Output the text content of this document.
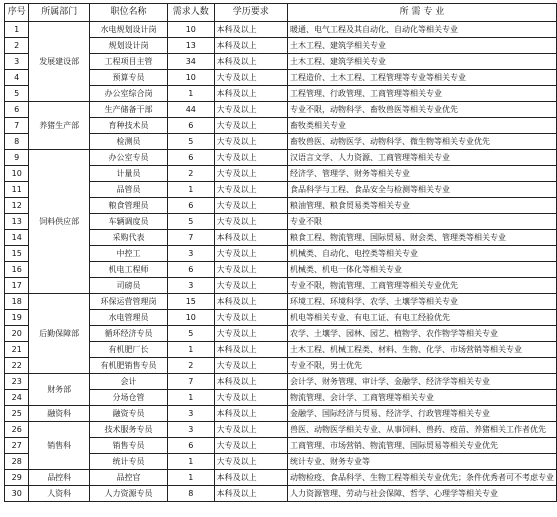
序号	所属部门	职位名称	需求人数	学历要求	所 需 专 业
1	发展建设部	水电规划设计岗	10	本科及以上	暖通、电气工程及其自动化、自动化等相关专业
2		规划设计岗	13	本科及以上	土木工程、建筑学相关专业
3		工程项目主管	34	本科及以上	土木工程、建筑学相关专业
4		预算专员	10	大专及以上	工程造价、土木工程、工程管理等专业等相关专业
5		办公室综合岗	1	本科及以上	工程管理、行政管理、工商管理等相关专业
6	养猪生产部	生产储备干部	44	大专及以上	专业不限，动物科学、畜牧兽医等相关专业优先
7		育种技术员	6	大专及以上	畜牧类相关专业
8		检测员	5	大专及以上	畜牧兽医、动物医学、动物科学、微生物等相关专业优先
9	饲料供应部	办公室专员	6	大专及以上	汉语言文学、人力资源、工商管理等相关专业
10		计量员	2	大专及以上	经济学、管理学、财务等相关专业
11		品管员	1	大专及以上	食品科学与工程、食品安全与检测等相关专业
12		粮食管理员	6	大专及以上	粮油管理、粮食贸易类等相关专业
13		车辆调度员	5	大专及以上	专业不限
14		采购代表	7	本科及以上	粮食工程、物流管理、国际贸易、财会类、管理类等相关专业
15		中控工	3	大专及以上	机械类、自动化、电控类等相关专业
16		机电工程师	6	大专及以上	机械类、机电一体化等相关专业
17		司磅员	3	大专及以上	专业不限，物流管理、工商管理等相关专业优先
18	后勤保障部	环保运营管理岗	15	本科及以上	环境工程、环境科学、农学、土壤学等相关专业
19		水电管理员	10	大专及以上	机电等相关专业、有电工证、有电工经验优先
20		循环经济专员	5	大专及以上	农学、土壤学、园林、园艺、植物学、农作物学等相关专业
21		有机肥厂长	1	本科及以上	土木工程、机械工程类、材料、生物、化学、市场营销等相关专业
22		有机肥销售专员	2	大专及以上	专业不限，男士优先
23	财务部	会计	7	本科及以上	会计学、财务管理、审计学、金融学、经济学等相关专业
24		分场仓管	1	大专及以上	物流管理、会计学、工商管理等相关专业
25	融资科	融资专员	3	本科及以上	金融学、国际经济与贸易、经济学、行政管理等相关专业
26	销售科	技术服务专员	3	大专及以上	兽医、动物医学相关专业、从事饲料、兽药、疫苗、养猪相关工作者优先
27		销售专员	6	大专及以上	工商管理、市场营销、物流管理、国际贸易等相关专业优先
28		统计专员	1	大专及以上	统计专业、财务专业等
29	品控科	品控官	1	本科及以上	动物检疫、食品科学、生物工程等相关专业优先；条件优秀者可不考虑专业
30	人资科	人力资源专员	8	本科及以上	人力资源管理、劳动与社会保障、哲学、心理学等相关专业
